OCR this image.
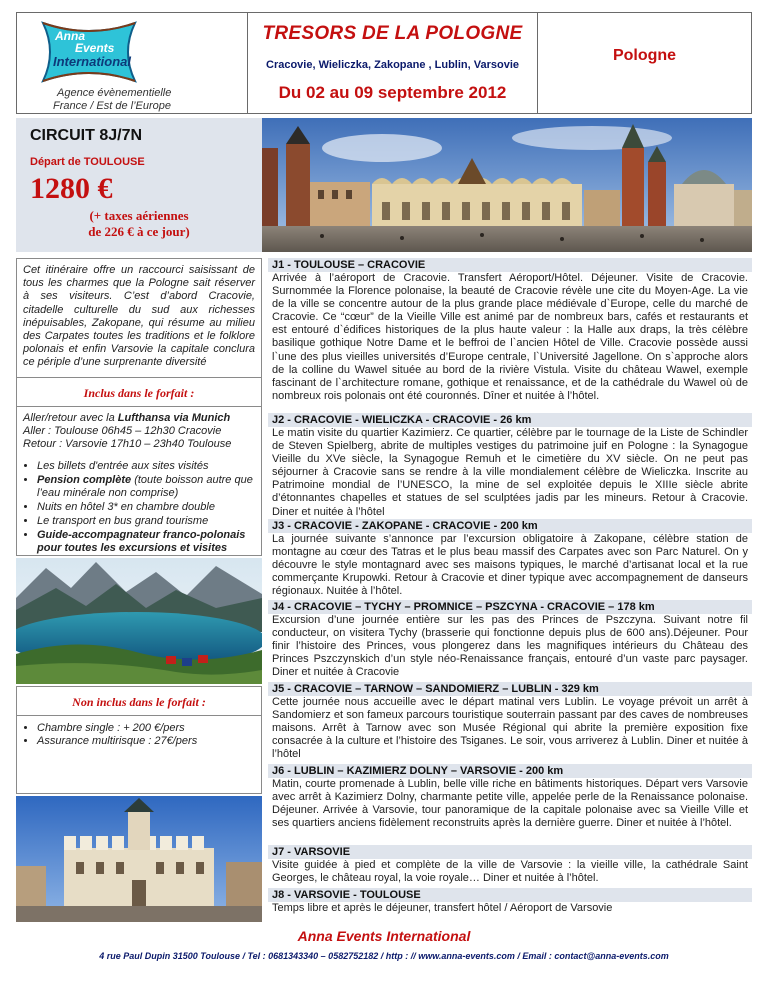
Anna
Events
International
Agence évènementielle
France / Est de l’Europe
TRESORS DE LA POLOGNE
Cracovie, Wieliczka, Zakopane , Lublin, Varsovie
Du 02 au 09 septembre 2012
Pologne
CIRCUIT 8J/7N
Départ de TOULOUSE
1280 €
(+ taxes aériennes
de 226 € à ce jour)
Cet itinéraire offre un raccourci saisissant de tous les charmes que la Pologne sait réserver à ses visiteurs. C’est d’abord Cracovie, citadelle culturelle du sud aux richesses inépuisables, Zakopane, qui résume au milieu des Carpates toutes les traditions et le folklore polonais et enfin Varsovie la capitale conclura ce périple d’une surprenante diversité
Inclus dans le forfait :
Aller/retour avec la Lufthansa via Munich
Aller : Toulouse 06h45 – 12h30 Cracovie
Retour : Varsovie 17h10 – 23h40 Toulouse
• Les billets d'entrée aux sites visités
• Pension complète (toute boisson autre que l’eau minérale non comprise)
• Nuits en hôtel 3* en chambre double
• Le transport en bus grand tourisme
• Guide-accompagnateur franco-polonais pour toutes les excursions et visites
Non inclus dans le forfait :
• Chambre single : + 200 €/pers
• Assurance multirisque : 27€/pers
J1 - TOULOUSE – CRACOVIE
Arrivée à l’aéroport de Cracovie. Transfert Aéroport/Hôtel. Déjeuner. Visite de Cracovie. Surnommée la Florence polonaise, la beauté de Cracovie révèle une cite du Moyen-Age. La vie de la ville se concentre autour de la plus grande place médiévale d`Europe, celle du marché de Cracovie. Ce “cœur” de la Vieille Ville est animé par de nombreux bars, cafés et restaurants et est entouré d`édifices historiques de la plus haute valeur : la Halle aux draps, la très célèbre basilique gothique Notre Dame et le beffroi de l`ancien Hôtel de Ville. Cracovie possède aussi l`une des plus vieilles universités d’Europe centrale, l`Université Jagellone. On s`approche alors de la colline du Wawel située au bord de la rivière Vistula. Visite du château Wawel, exemple fascinant de l`architecture romane, gothique et renaissance, et de la cathédrale du Wawel où de nombreux rois polonais ont été couronnés. Dîner et nuitée à l’hôtel.
J2 - CRACOVIE - WIELICZKA - CRACOVIE - 26 km
Le matin visite du quartier Kazimierz. Ce quartier, célèbre par le tournage de la Liste de Schindler de Steven Spielberg, abrite de multiples vestiges du patrimoine juif en Pologne : la Synagogue Vieille du XVe siècle, la Synagogue Remuh et le cimetière du XV siècle. On ne peut pas séjourner à Cracovie sans se rendre à la ville mondialement célèbre de Wieliczka. Inscrite au Patrimoine mondial de l’UNESCO, la mine de sel exploitée depuis le XIIIe siècle abrite d’étonnantes chapelles et statues de sel sculptées jadis par les mineurs. Retour à Cracovie. Diner et nuitée à l’hôtel
J3 - CRACOVIE - ZAKOPANE - CRACOVIE - 200 km
La journée suivante s’annonce par l’excursion obligatoire à Zakopane, célèbre station de montagne au cœur des Tatras et le plus beau massif des Carpates avec son Parc Naturel. On y découvre le style montagnard avec ses maisons typiques, le marché d’artisanat local et la rue commerçante Krupowki. Retour à Cracovie et diner typique avec accompagnement de danseurs régionaux. Nuitée à l’hôtel.
J4 - CRACOVIE – TYCHY – PROMNICE – PSZCYNA - CRACOVIE – 178 km
Excursion d’une journée entière sur les pas des Princes de Pszczyna. Suivant notre fil conducteur, on visitera Tychy (brasserie qui fonctionne depuis plus de 600 ans).Déjeuner. Pour finir l’histoire des Princes, vous plongerez dans les magnifiques intérieurs du Château des Princes Pszczynskich d’un style néo-Renaissance français, entouré d’un vaste parc paysager. Diner et nuitée à Cracovie
J5 - CRACOVIE – TARNOW – SANDOMIERZ – LUBLIN - 329 km
Cette journée nous accueille avec le départ matinal vers Lublin. Le voyage prévoit un arrêt à Sandomierz et son fameux parcours touristique souterrain passant par des caves de nombreuses maisons. Arrêt à Tarnow avec son Musée Régional qui abrite la première exposition fixe consacrée à la culture et l’histoire des Tsiganes. Le soir, vous arriverez à Lublin. Diner et nuitée à l’hôtel
J6 - LUBLIN – KAZIMIERZ DOLNY – VARSOVIE - 200 km
Matin, courte promenade à Lublin, belle ville riche en bâtiments historiques. Départ vers Varsovie avec arrêt à Kazimierz Dolny, charmante petite ville, appelée perle de la Renaissance polonaise. Déjeuner. Arrivée à Varsovie, tour panoramique de la capitale polonaise avec sa Vieille Ville et ses quartiers anciens fidèlement reconstruits après la dernière guerre. Diner et nuitée à l’hôtel.
J7 - VARSOVIE
Visite guidée à pied et complète de la ville de Varsovie : la vieille ville, la cathédrale Saint Georges, le château royal, la voie royale… Diner et nuitée à l’hôtel.
J8 - VARSOVIE - TOULOUSE
Temps libre et après le déjeuner, transfert hôtel / Aéroport de Varsovie
Anna Events International
4 rue Paul Dupin 31500 Toulouse / Tel : 0681343340 – 0582752182 / http : // www.anna-events.com / Email : contact@anna-events.com
